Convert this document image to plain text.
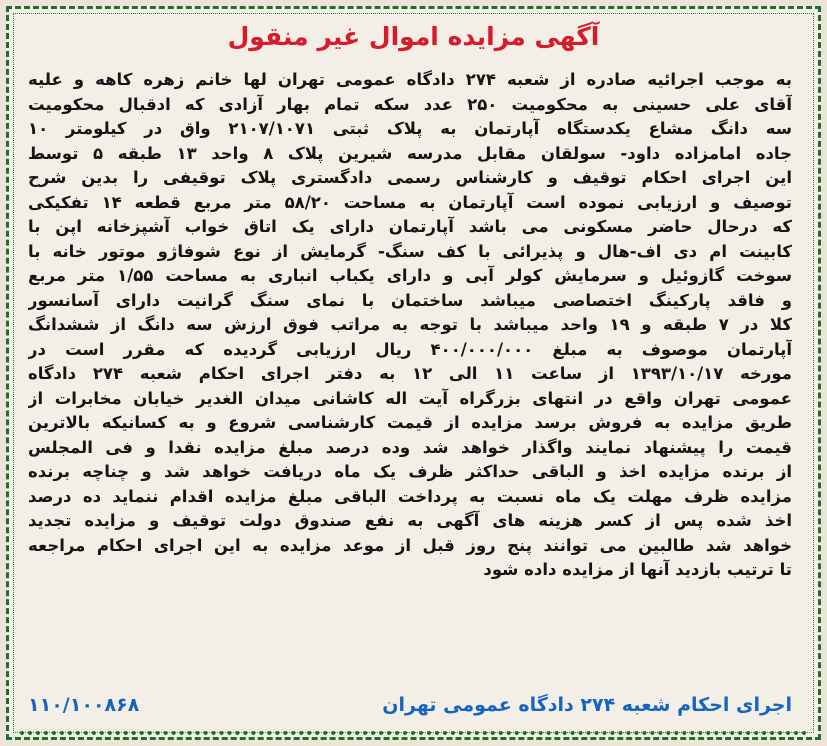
آگهی مزایده اموال غیر منقول
به موجب اجرائیه صادره از شعبه ۲۷۴ دادگاه عمومی تهران لها خانم زهره کاهه و علیه
آقای علی حسینی به محکومیت ۲۵۰ عدد سکه تمام بهار آزادی که ادقبال محکومیت
سه دانگ مشاع یکدستگاه آپارتمان به پلاک ثبتی ۲۱۰۷/۱۰۷۱ واق در کیلومتر ۱۰
جاده امامزاده داود- سولقان مقابل مدرسه شیرین پلاک ۸ واحد ۱۳ طبقه ۵ توسط
این اجرای احکام توقیف و کارشناس رسمی دادگستری پلاک توقیفی را بدین شرح
توصیف و ارزیابی نموده است آپارتمان به مساحت ۵۸/۲۰ متر مربع قطعه ۱۴ تفکیکی
که درحال حاضر مسکونی می باشد آپارتمان دارای یک اتاق خواب آشپزخانه اپن با
کابینت ام دی اف-هال و پذیرائی با کف سنگ- گرمایش از نوع شوفاژو موتور خانه با
سوخت گازوئیل و سرمایش کولر آبی و دارای یکباب انباری به مساحت ۱/۵۵ متر مربع
و فاقد پارکینگ اختصاصی میباشد ساختمان با نمای سنگ گرانیت دارای آسانسور
کلا در ۷ طبقه و ۱۹ واحد میباشد با توجه به مراتب فوق ارزش سه دانگ از ششدانگ
آپارتمان موصوف به مبلغ ۴۰۰/۰۰۰/۰۰۰ ریال ارزیابی گردیده که مقرر است در
مورخه ۱۳۹۳/۱۰/۱۷ از ساعت ۱۱ الی ۱۲ به دفتر اجرای احکام شعبه ۲۷۴ دادگاه
عمومی تهران واقع در انتهای بزرگراه آیت اله کاشانی میدان الغدیر خیابان مخابرات از
طریق مزایده به فروش برسد مزایده از قیمت کارشناسی شروع و به کسانیکه بالاترین
قیمت را پیشنهاد نمایند واگذار خواهد شد وده درصد مبلغ مزایده نقدا و فی المجلس
از برنده مزایده اخذ و الباقی حداکثر ظرف یک ماه دریافت خواهد شد و چناچه برنده
مزایده ظرف مهلت یک ماه نسبت به پرداخت الباقی مبلغ مزایده اقدام ننماید ده درصد
اخذ شده پس از کسر هزینه های آگهی به نفع صندوق دولت توقیف و مزایده تجدید
خواهد شد طالبین می توانند پنج روز قبل از موعد مزایده به این اجرای احکام مراجعه
تا ترتیب بازدید آنها از مزایده داده شود
اجرای احکام شعبه ۲۷۴ دادگاه عمومی تهران
۱۱۰/۱۰۰۸۶۸
